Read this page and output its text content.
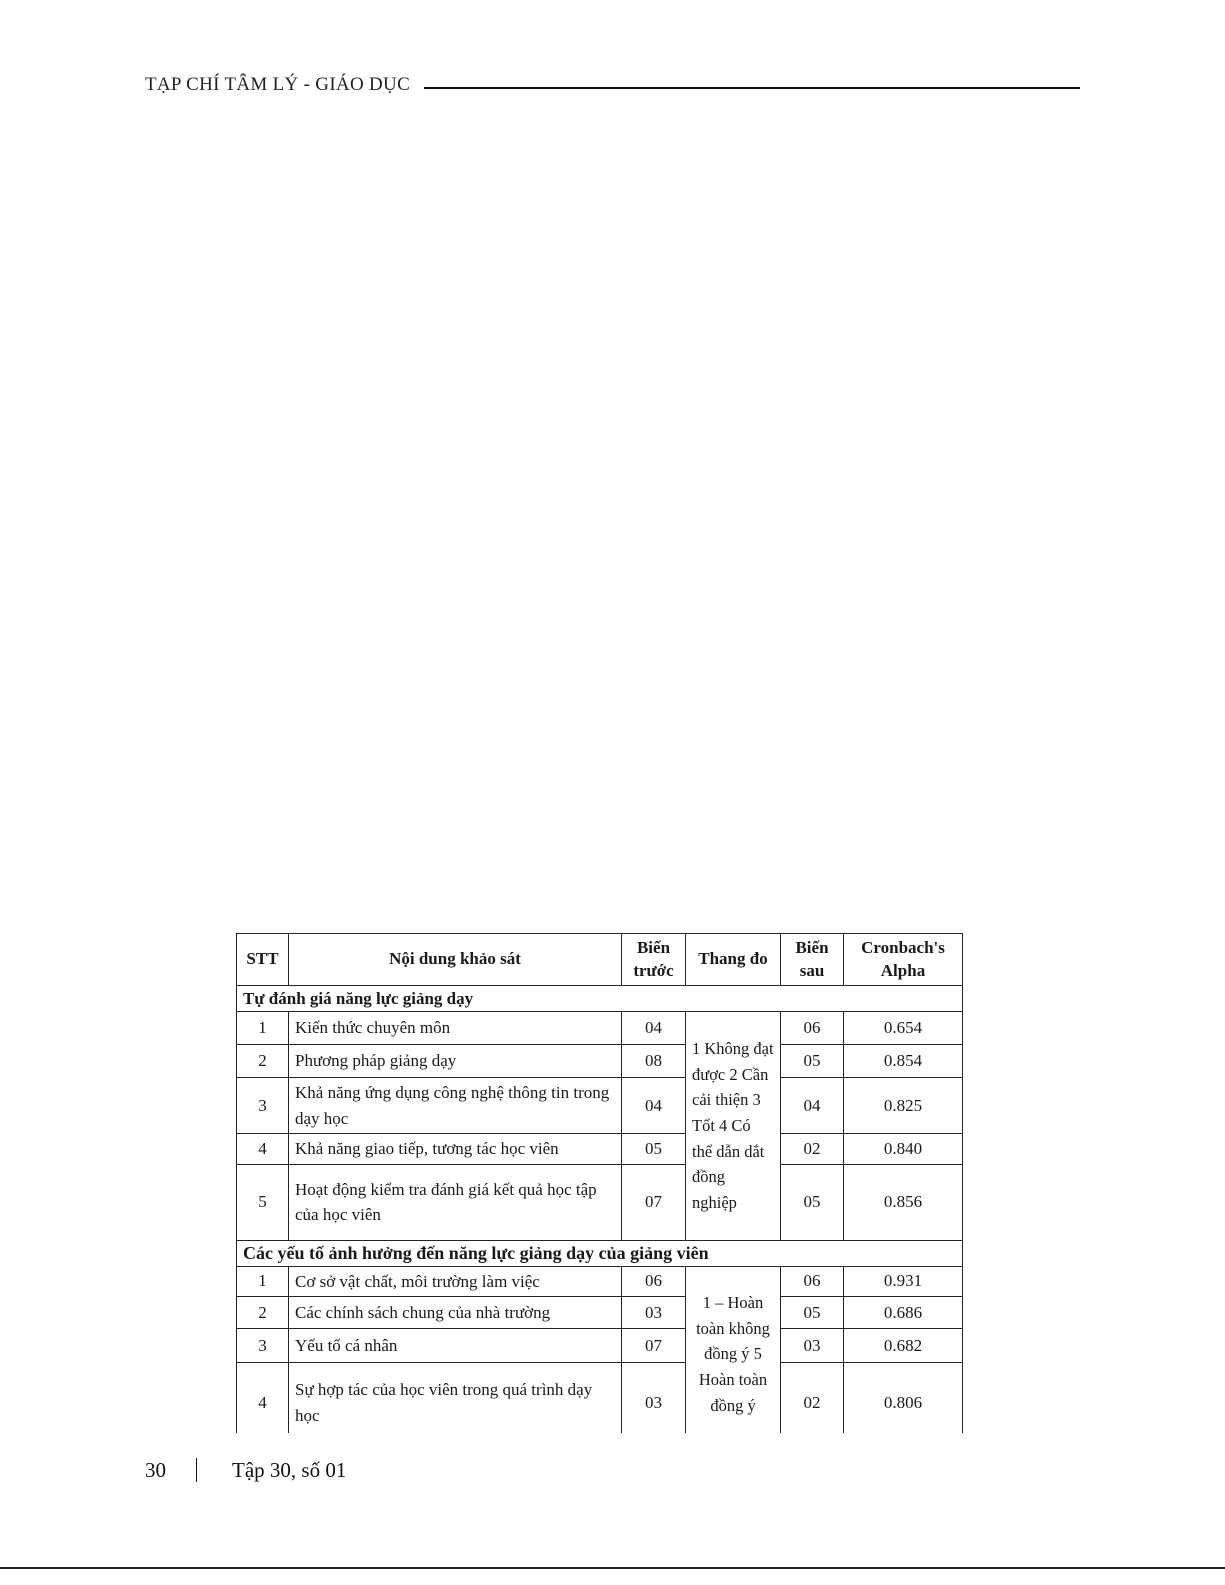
TẠP CHÍ TÂM LÝ - GIÁO DỤC
STT	Nội dung khảo sát	Biến trước	Thang đo	Biến sau	Cronbach's Alpha
Tự đánh giá năng lực giảng dạy					
1	Kiến thức chuyên môn	04	1 Không đạt được 2 Cần cải thiện 3 Tốt 4 Có thể dẫn dắt đồng nghiệp	06	0.654
2	Phương pháp giảng dạy	08		05	0.854
3	Khả năng ứng dụng công nghệ thông tin trong dạy học	04		04	0.825
4	Khả năng giao tiếp, tương tác học viên	05		02	0.840
5	Hoạt động kiểm tra đánh giá kết quả học tập của học viên	07		05	0.856
Các yếu tố ảnh hưởng đến năng lực giảng dạy của giảng viên					
1	Cơ sở vật chất, môi trường làm việc	06	1 – Hoàn toàn không đồng ý 5 Hoàn toàn đồng ý	06	0.931
2	Các chính sách chung của nhà trường	03		05	0.686
3	Yếu tố cá nhân	07		03	0.682
4	Sự hợp tác của học viên trong quá trình dạy học	03		02	0.806
30	Tập 30, số 01
